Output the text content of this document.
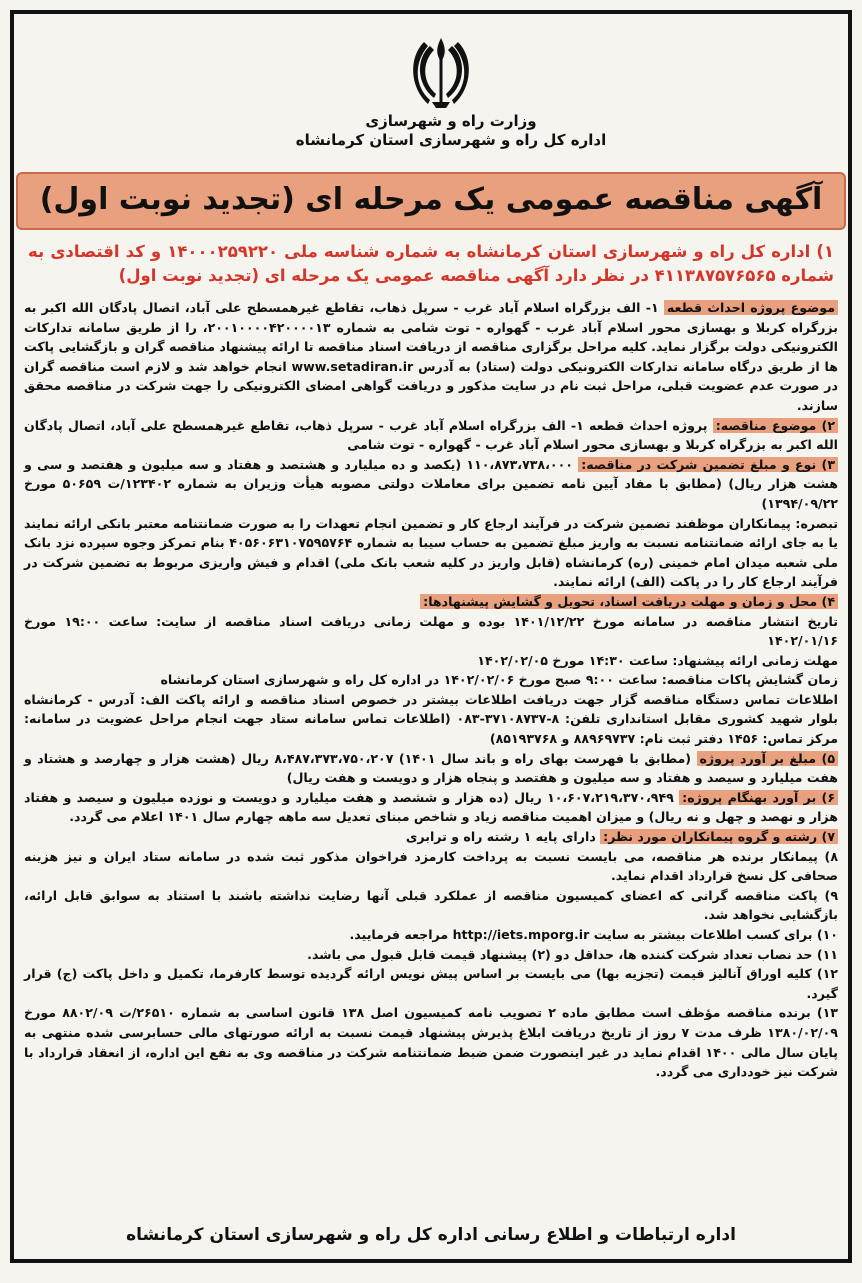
وزارت راه و شهرسازی
اداره کل راه و شهرسازی استان کرمانشاه
آگهی مناقصه عمومی یک مرحله ای (تجدید نوبت اول)
۱) اداره کل راه و شهرسازی استان کرمانشاه به شماره شناسه ملی ۱۴۰۰۰۲۵۹۲۲۰ و کد اقتصادی به شماره ۴۱۱۳۸۷۵۷۶۵۶۵ در نظر دارد آگهی مناقصه عمومی یک مرحله ای (تجدید نوبت اول)

موضوع پروژه احداث قطعه ۱- الف بزرگراه اسلام آباد غرب - سرپل ذهاب، تقاطع غیرهمسطح علی آباد، اتصال پادگان الله اکبر به بزرگراه کربلا و بهسازی محور اسلام آباد غرب - گهواره - توت شامی به شماره ۲۰۰۱۰۰۰۰۴۲۰۰۰۰۱۳، را از طریق سامانه تدارکات الکترونیکی دولت برگزار نماید. کلیه مراحل برگزاری مناقصه از دریافت اسناد مناقصه تا ارائه پیشنهاد مناقصه گران و بازگشایی پاکت ها از طریق درگاه سامانه تدارکات الکترونیکی دولت (ستاد) به آدرس www.setadiran.ir انجام خواهد شد و لازم است مناقصه گران در صورت عدم عضویت قبلی، مراحل ثبت نام در سایت مذکور و دریافت گواهی امضای الکترونیکی را جهت شرکت در مناقصه محقق سازند.

۲) موضوع مناقصه: پروژه احداث قطعه ۱- الف بزرگراه اسلام آباد غرب - سرپل ذهاب، تقاطع غیرهمسطح علی آباد، اتصال پادگان الله اکبر به بزرگراه کربلا و بهسازی محور اسلام آباد غرب - گهواره - توت شامی

۳) نوع و مبلغ تضمین شرکت در مناقصه: ۱۱۰،۸۷۳،۷۳۸،۰۰۰ (یکصد و ده میلیارد و هشتصد و هفتاد و سه میلیون و هفتصد و سی و هشت هزار ریال) (مطابق با مفاد آیین نامه تضمین برای معاملات دولتی مصوبه هیأت وزیران به شماره ۱۲۳۴۰۲/ت ۵۰۶۵۹ مورخ ۱۳۹۴/۰۹/۲۲)

تبصره: پیمانکاران موظفند تضمین شرکت در فرآیند ارجاع کار و تضمین انجام تعهدات را به صورت ضمانتنامه معتبر بانکی ارائه نمایند یا به جای ارائه ضمانتنامه نسبت به واریز مبلغ تضمین به حساب سیبا به شماره ۴۰۵۶۰۶۳۱۰۷۵۹۵۷۶۴ بنام تمرکز وجوه سپرده نزد بانک ملی شعبه میدان امام خمینی (ره) کرمانشاه (قابل واریز در کلیه شعب بانک ملی) اقدام و فیش واریزی مربوط به تضمین شرکت در فرآیند ارجاع کار را در پاکت (الف) ارائه نمایند.

۴) محل و زمان و مهلت دریافت اسناد، تحویل و گشایش پیشنهادها:

تاریخ انتشار مناقصه در سامانه مورخ ۱۴۰۱/۱۲/۲۲ بوده و مهلت زمانی دریافت اسناد مناقصه از سایت: ساعت ۱۹:۰۰ مورخ ۱۴۰۲/۰۱/۱۶

مهلت زمانی ارائه پیشنهاد: ساعت ۱۴:۳۰ مورخ ۱۴۰۲/۰۲/۰۵

زمان گشایش پاکات مناقصه: ساعت ۹:۰۰ صبح مورخ ۱۴۰۲/۰۲/۰۶ در اداره کل راه و شهرسازی استان کرمانشاه

اطلاعات تماس دستگاه مناقصه گزار جهت دریافت اطلاعات بیشتر در خصوص اسناد مناقصه و ارائه پاکت الف: آدرس - کرمانشاه بلوار شهید کشوری مقابل استانداری تلفن: ۸-۳۷۱۰۸۷۳۷-۰۸۳ (اطلاعات تماس سامانه ستاد جهت انجام مراحل عضویت در سامانه: مرکز تماس: ۱۴۵۶ دفتر ثبت نام: ۸۸۹۶۹۷۳۷ و ۸۵۱۹۳۷۶۸)

۵) مبلغ بر آورد پروژه (مطابق با فهرست بهای راه و باند سال ۱۴۰۱) ۸،۴۸۷،۳۷۳،۷۵۰،۲۰۷ ریال (هشت هزار و چهارصد و هشتاد و هفت میلیارد و سیصد و هفتاد و سه میلیون و هفتصد و پنجاه هزار و دویست و هفت ریال)

۶) بر آورد بهنگام پروژه: ۱۰،۶۰۷،۲۱۹،۳۷۰،۹۴۹ ریال (ده هزار و ششصد و هفت میلیارد و دویست و نوزده میلیون و سیصد و هفتاد هزار و نهصد و چهل و نه ریال) و میزان اهمیت مناقصه زیاد و شاخص مبنای تعدیل سه ماهه چهارم سال ۱۴۰۱ اعلام می گردد.

۷) رشته و گروه پیمانکاران مورد نظر: دارای پایه ۱ رشته راه و ترابری

۸) پیمانکار برنده هر مناقصه، می بایست نسبت به پرداخت کارمزد فراخوان مذکور ثبت شده در سامانه ستاد ایران و نیز هزینه صحافی کل نسخ قرارداد اقدام نماید.

۹) پاکت مناقصه گرانی که اعضای کمیسیون مناقصه از عملکرد قبلی آنها رضایت نداشته باشند با استناد به سوابق قابل ارائه، بازگشایی نخواهد شد.

۱۰) برای کسب اطلاعات بیشتر به سایت http://iets.mporg.ir مراجعه فرمایید.

۱۱) حد نصاب تعداد شرکت کننده ها، حداقل دو (۲) پیشنهاد قیمت قابل قبول می باشد.

۱۲) کلیه اوراق آنالیز قیمت (تجزیه بها) می بایست بر اساس پیش نویس ارائه گردیده توسط کارفرما، تکمیل و داخل پاکت (ج) قرار گیرد.

۱۳) برنده مناقصه مؤظف است مطابق ماده ۲ تصویب نامه کمیسیون اصل ۱۳۸ قانون اساسی به شماره ۲۶۵۱۰/ت ۸۸۰۲/۰۹ مورخ ۱۳۸۰/۰۲/۰۹ ظرف مدت ۷ روز از تاریخ دریافت ابلاغ پذیرش پیشنهاد قیمت نسبت به ارائه صورتهای مالی حسابرسی شده منتهی به پایان سال مالی ۱۴۰۰ اقدام نماید در غیر اینصورت ضمن ضبط ضمانتنامه شرکت در مناقصه وی به نفع این اداره، از انعقاد قرارداد با شرکت نیز خودداری می گردد.

اداره ارتباطات و اطلاع رسانی اداره کل راه و شهرسازی استان کرمانشاه
